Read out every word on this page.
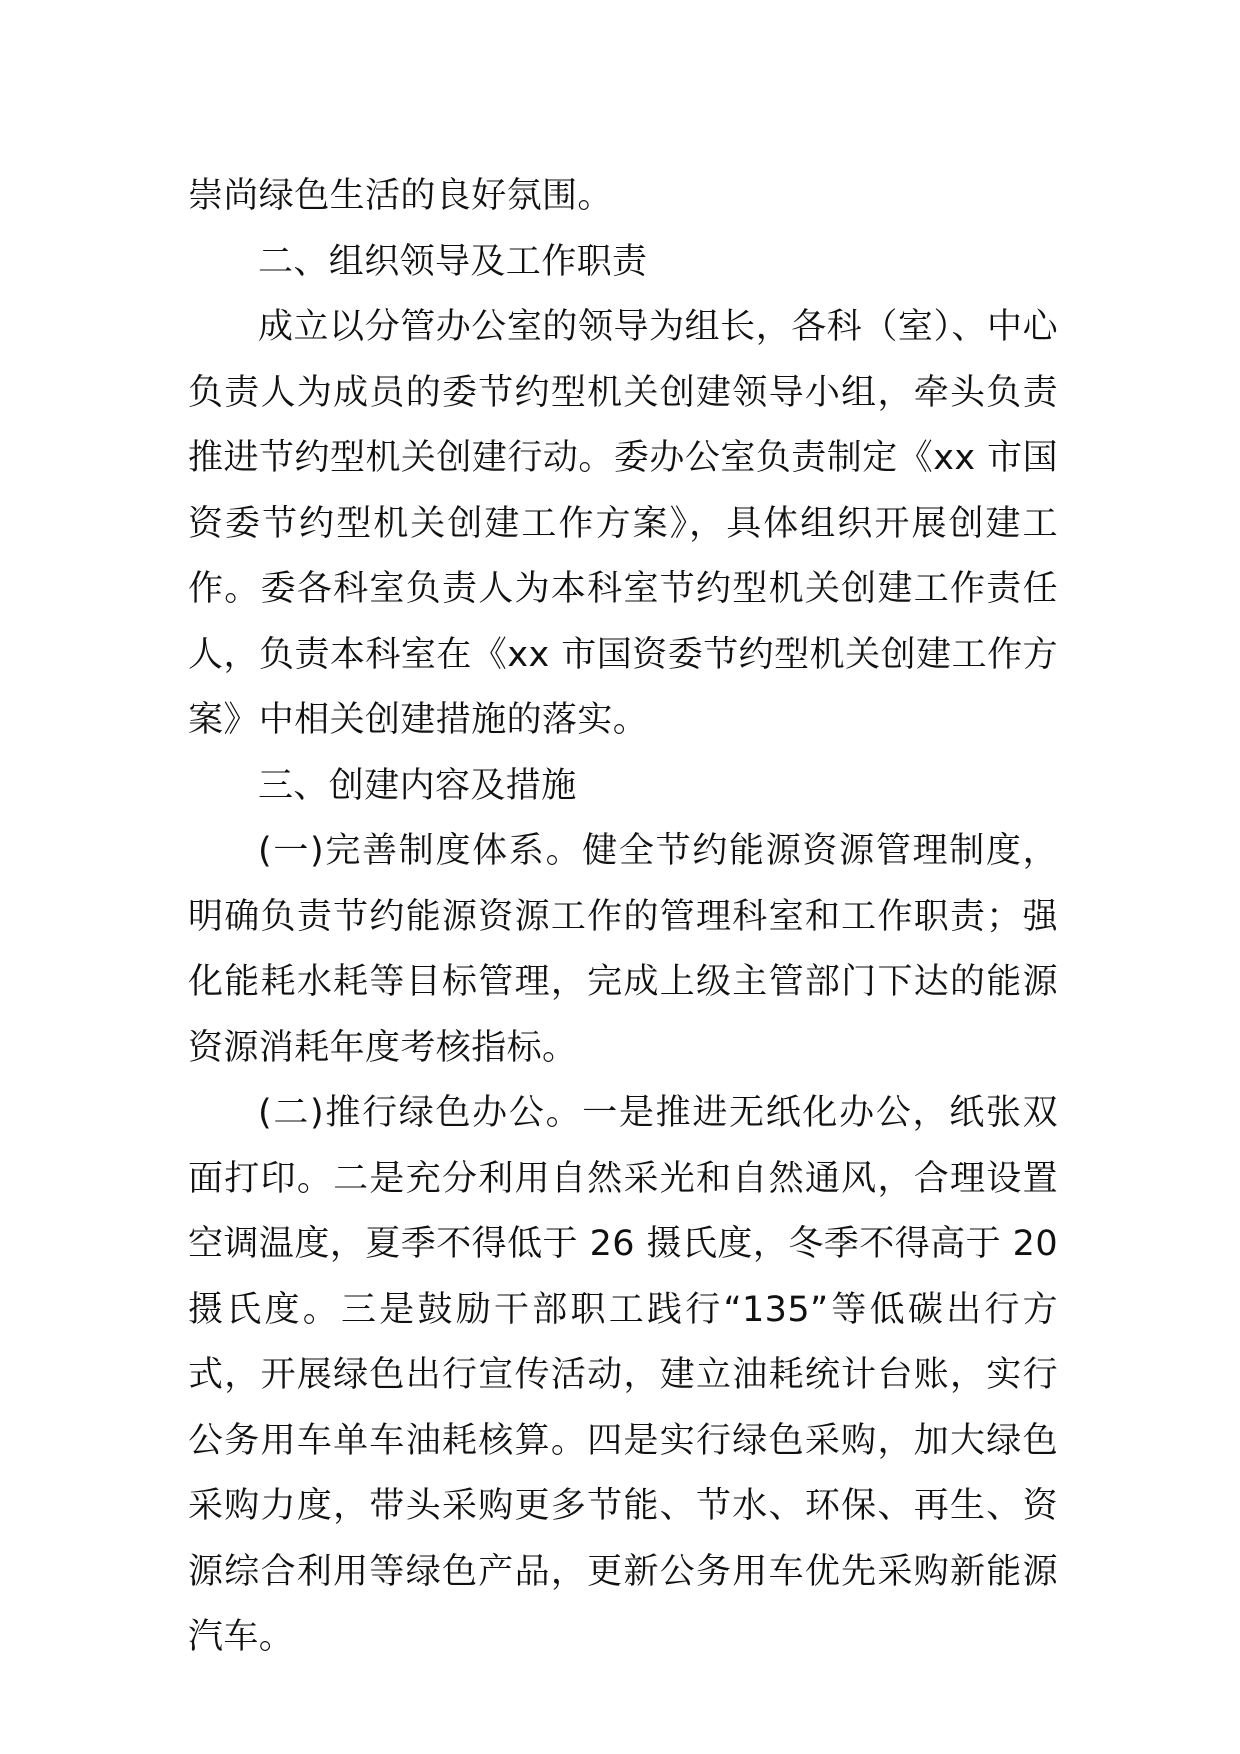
崇尚绿色生活的良好氛围。

二、组织领导及工作职责

成立以分管办公室的领导为组长，各科（室）、中心负责人为成员的委节约型机关创建领导小组，牵头负责推进节约型机关创建行动。委办公室负责制定《xx 市国资委节约型机关创建工作方案》，具体组织开展创建工作。委各科室负责人为本科室节约型机关创建工作责任人，负责本科室在《xx 市国资委节约型机关创建工作方案》中相关创建措施的落实。

三、创建内容及措施

(一)完善制度体系。健全节约能源资源管理制度，明确负责节约能源资源工作的管理科室和工作职责；强化能耗水耗等目标管理，完成上级主管部门下达的能源资源消耗年度考核指标。

(二)推行绿色办公。一是推进无纸化办公，纸张双面打印。二是充分利用自然采光和自然通风，合理设置空调温度，夏季不得低于 26 摄氏度，冬季不得高于 20 摄氏度。三是鼓励干部职工践行“135”等低碳出行方式，开展绿色出行宣传活动，建立油耗统计台账，实行公务用车单车油耗核算。四是实行绿色采购，加大绿色采购力度，带头采购更多节能、节水、环保、再生、资源综合利用等绿色产品，更新公务用车优先采购新能源汽车。
